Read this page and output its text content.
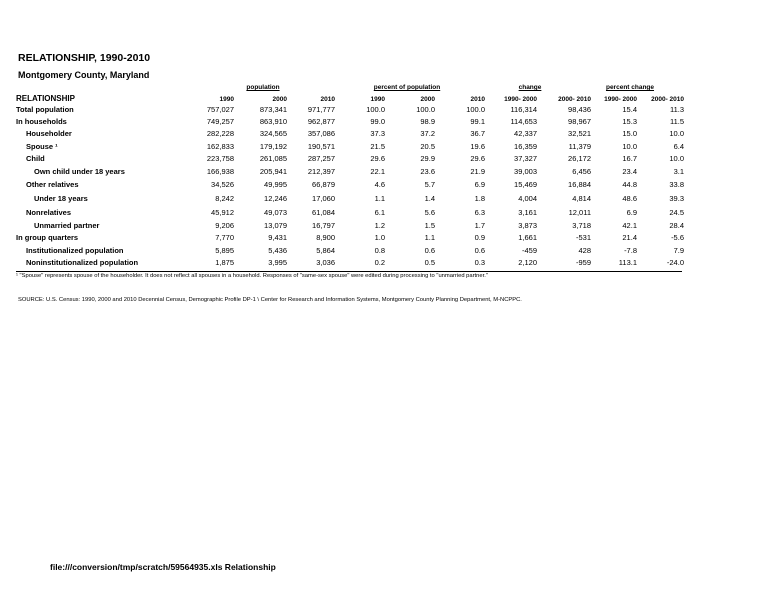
RELATIONSHIP, 1990-2010
Montgomery County, Maryland
population	percent of population	change	percent change
RELATIONSHIP	1990	2000	2010	1990	2000	2010	1990- 2000	2000- 2010	1990- 2000	2000- 2010
Total population	757,027	873,341	971,777	100.0	100.0	100.0	116,314	98,436	15.4	11.3
In households	749,257	863,910	962,877	99.0	98.9	99.1	114,653	98,967	15.3	11.5
Householder	282,228	324,565	357,086	37.3	37.2	36.7	42,337	32,521	15.0	10.0
Spouse ¹	162,833	179,192	190,571	21.5	20.5	19.6	16,359	11,379	10.0	6.4
Child	223,758	261,085	287,257	29.6	29.9	29.6	37,327	26,172	16.7	10.0
Own child under 18 years	166,938	205,941	212,397	22.1	23.6	21.9	39,003	6,456	23.4	3.1
Other relatives	34,526	49,995	66,879	4.6	5.7	6.9	15,469	16,884	44.8	33.8
Under 18 years	8,242	12,246	17,060	1.1	1.4	1.8	4,004	4,814	48.6	39.3
Nonrelatives	45,912	49,073	61,084	6.1	5.6	6.3	3,161	12,011	6.9	24.5
Unmarried partner	9,206	13,079	16,797	1.2	1.5	1.7	3,873	3,718	42.1	28.4
In group quarters	7,770	9,431	8,900	1.0	1.1	0.9	1,661	-531	21.4	-5.6
Institutionalized population	5,895	5,436	5,864	0.8	0.6	0.6	-459	428	-7.8	7.9
Noninstitutionalized population	1,875	3,995	3,036	0.2	0.5	0.3	2,120	-959	113.1	-24.0
¹ "Spouse" represents spouse of the householder. It does not reflect all spouses in a household. Responses of "same-sex spouse" were edited during processing to "unmarried partner."
SOURCE: U.S. Census: 1990, 2000 and 2010 Decennial Census, Demographic Profile DP-1 \ Center for Research and Information Systems, Montgomery County Planning Department, M-NCPPC.
file:///conversion/tmp/scratch/59564935.xls Relationship
